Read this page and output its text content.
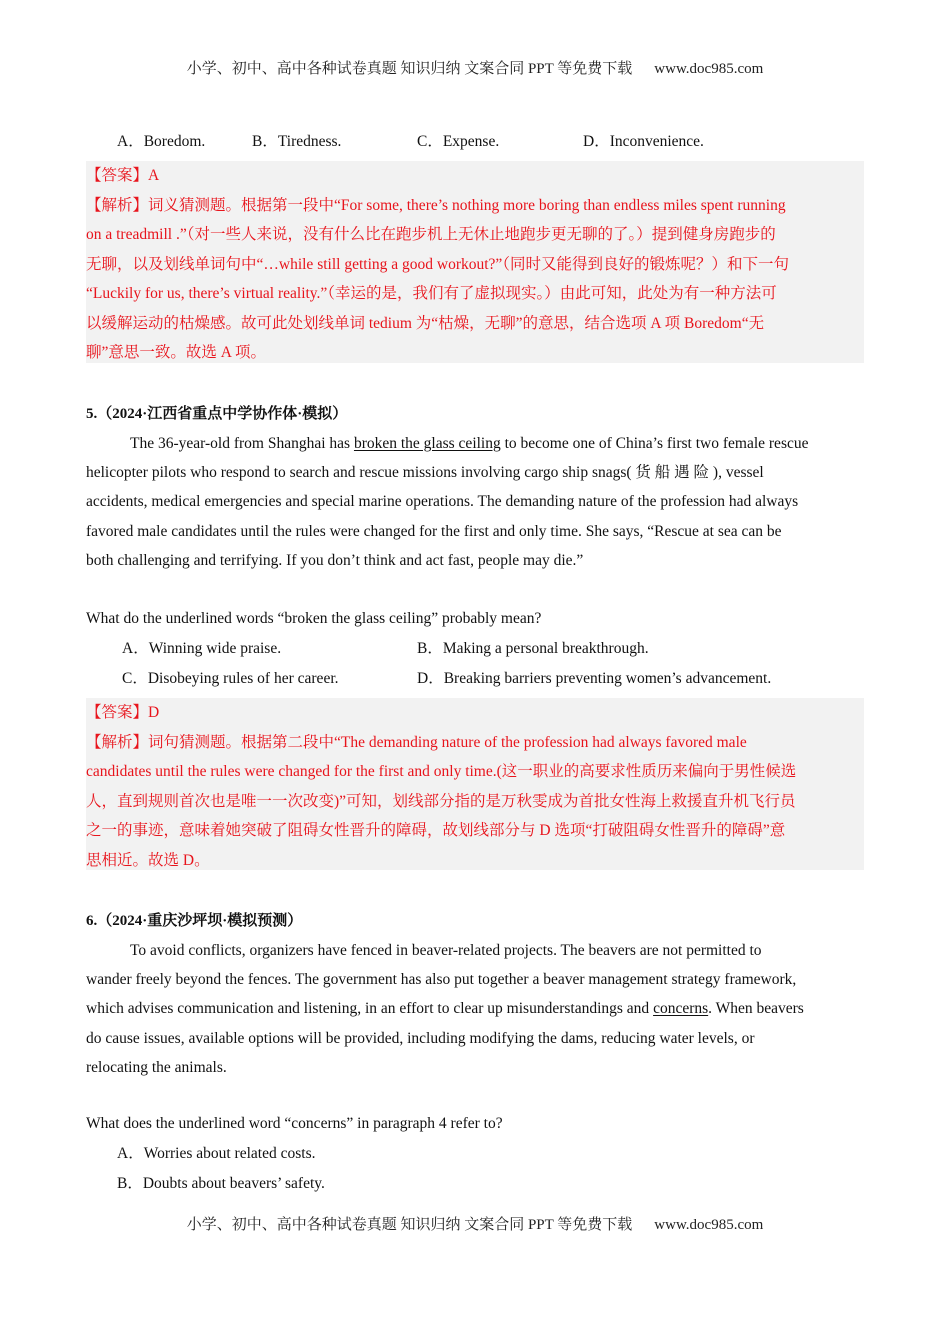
小学、初中、高中各种试卷真题 知识归纳 文案合同 PPT 等免费下载 www.doc985.com
A．Boredom.	B．Tiredness.	C．Expense.	D．Inconvenience.
【答案】A
【解析】词义猜测题。根据第一段中“For some, there’s nothing more boring than endless miles spent running
on a treadmill .”（对一些人来说，没有什么比在跑步机上无休止地跑步更无聊的了。）提到健身房跑步的
无聊，以及划线单词句中“…while still getting a good workout?”（同时又能得到良好的锻炼呢？）和下一句
“Luckily for us, there’s virtual reality.”（幸运的是，我们有了虚拟现实。）由此可知，此处为有一种方法可
以缓解运动的枯燥感。故可此处划线单词 tedium 为“枯燥，无聊”的意思，结合选项 A 项 Boredom“无
聊”意思一致。故选 A 项。
5.（2024·江西省重点中学协作体·模拟）
The 36-year-old from Shanghai has broken the glass ceiling to become one of China’s first two female rescue
helicopter pilots who respond to search and rescue missions involving cargo ship snags( 货 船 遇 险 ), vessel
accidents, medical emergencies and special marine operations. The demanding nature of the profession had always
favored male candidates until the rules were changed for the first and only time. She says, “Rescue at sea can be
both challenging and terrifying. If you don’t think and act fast, people may die.”
What do the underlined words “broken the glass ceiling” probably mean?
A．Winning wide praise.	B．Making a personal breakthrough.
C．Disobeying rules of her career.	D．Breaking barriers preventing women’s advancement.
【答案】D
【解析】词句猜测题。根据第二段中“The demanding nature of the profession had always favored male
candidates until the rules were changed for the first and only time.(这一职业的高要求性质历来偏向于男性候选
人，直到规则首次也是唯一一次改变)”可知，划线部分指的是万秋雯成为首批女性海上救援直升机飞行员
之一的事迹，意味着她突破了阻碍女性晋升的障碍，故划线部分与 D 选项“打破阻碍女性晋升的障碍”意
思相近。故选 D。
6.（2024·重庆沙坪坝·模拟预测）
To avoid conflicts, organizers have fenced in beaver-related projects. The beavers are not permitted to
wander freely beyond the fences. The government has also put together a beaver management strategy framework,
which advises communication and listening, in an effort to clear up misunderstandings and concerns. When beavers
do cause issues, available options will be provided, including modifying the dams, reducing water levels, or
relocating the animals.
What does the underlined word “concerns” in paragraph 4 refer to?
A．Worries about related costs.
B．Doubts about beavers’ safety.
小学、初中、高中各种试卷真题 知识归纳 文案合同 PPT 等免费下载 www.doc985.com
